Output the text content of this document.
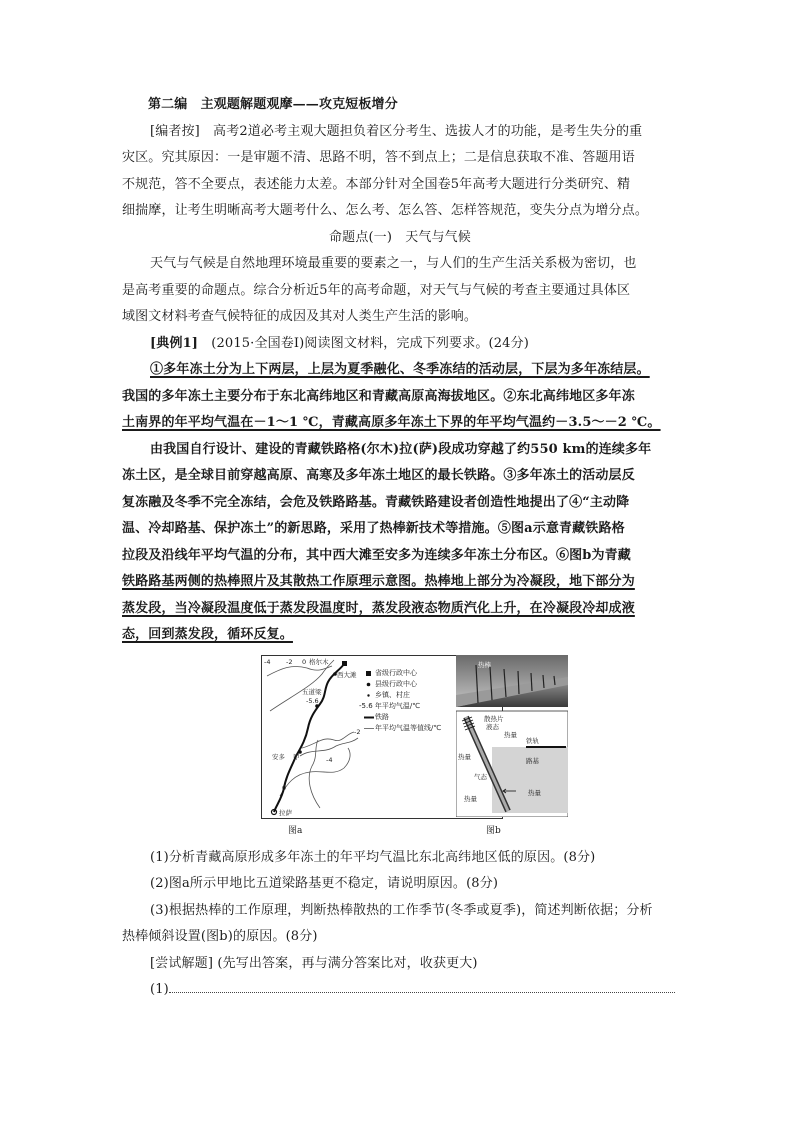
第二编　主观题解题观摩——攻克短板增分
[编者按]　高考2道必考主观大题担负着区分考生、选拔人才的功能，是考生失分的重
灾区。究其原因：一是审题不清、思路不明，答不到点上；二是信息获取不准、答题用语
不规范，答不全要点，表述能力太差。本部分针对全国卷5年高考大题进行分类研究、精
细揣摩，让考生明晰高考大题考什么、怎么考、怎么答、怎样答规范，变失分点为增分点。
命题点(一)　天气与气候
天气与气候是自然地理环境最重要的要素之一，与人们的生产生活关系极为密切，也
是高考重要的命题点。综合分析近5年的高考命题，对天气与气候的考查主要通过具体区
域图文材料考查气候特征的成因及其对人类生产生活的影响。
[典例1]　(2015·全国卷Ⅰ)阅读图文材料，完成下列要求。(24分)
①多年冻土分为上下两层，上层为夏季融化、冬季冻结的活动层，下层为多年冻结层。
我国的多年冻土主要分布于东北高纬地区和青藏高原高海拔地区。②东北高纬地区多年冻
土南界的年平均气温在－1～1 ℃，青藏高原多年冻土下界的年平均气温约－3.5～－2 ℃。
由我国自行设计、建设的青藏铁路格(尔木)拉(萨)段成功穿越了约550 km的连续多年
冻土区，是全球目前穿越高原、高寒及多年冻土地区的最长铁路。③多年冻土的活动层反
复冻融及冬季不完全冻结，会危及铁路路基。青藏铁路建设者创造性地提出了④“主动降
温、冷却路基、保护冻土”的新思路，采用了热棒新技术等措施。⑤图a示意青藏铁路格
拉段及沿线年平均气温的分布，其中西大滩至安多为连续多年冻土分布区。⑥图b为青藏
铁路路基两侧的热棒照片及其散热工作原理示意图。热棒地上部分为冷凝段，地下部分为
蒸发段，当冷凝段温度低于蒸发段温度时，蒸发段液态物质汽化上升，在冷凝段冷却成液
态，回到蒸发段，循环反复。
-4 -2 0 格尔木
西大滩
五道梁
-5.6
-2
-4
安多 甲
0
拉萨
省级行政中心
县级行政中心
乡镇、村庄
-5.6 年平均气温/℃
铁路
年平均气温等值线/℃
热棒
散热片
液态
热量
铁轨
路基
气态
热量
热量
热量
图a	图b
(1)分析青藏高原形成多年冻土的年平均气温比东北高纬地区低的原因。(8分)
(2)图a所示甲地比五道梁路基更不稳定，请说明原因。(8分)
(3)根据热棒的工作原理，判断热棒散热的工作季节(冬季或夏季)，简述判断依据；分析
热棒倾斜设置(图b)的原因。(8分)
[尝试解题] (先写出答案，再与满分答案比对，收获更大)
(1)
